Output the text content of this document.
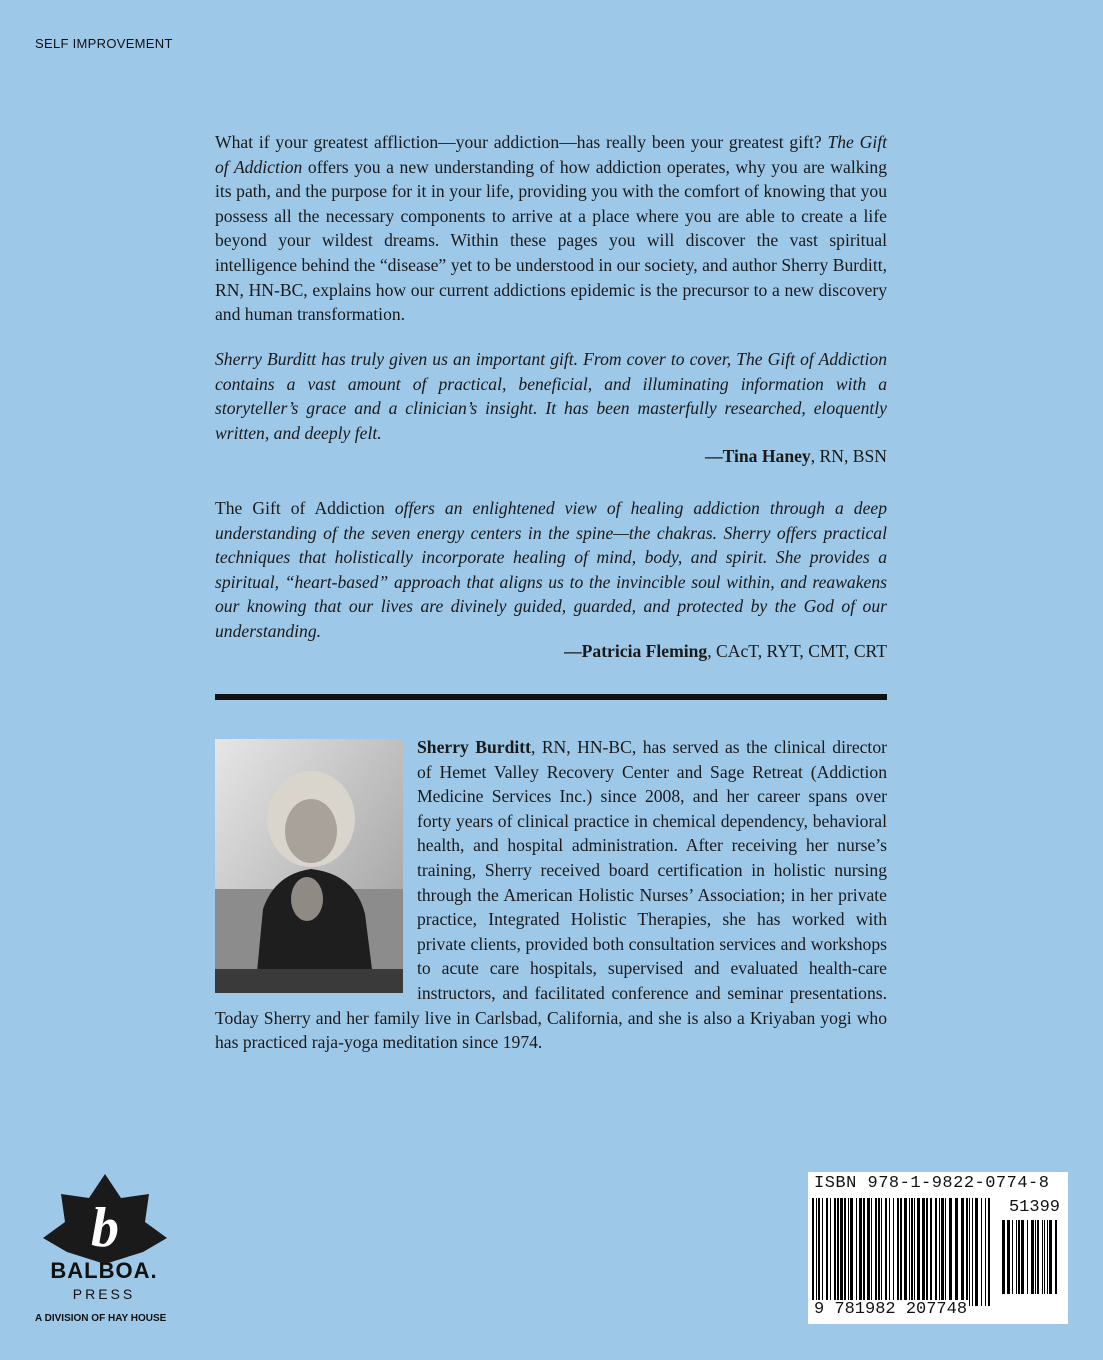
SELF IMPROVEMENT

What if your greatest affliction—your addiction—has really been your greatest gift? The Gift of Addiction offers you a new understanding of how addiction operates, why you are walking its path, and the purpose for it in your life, providing you with the comfort of knowing that you possess all the necessary components to arrive at a place where you are able to create a life beyond your wildest dreams. Within these pages you will discover the vast spiritual intelligence behind the “disease” yet to be understood in our society, and author Sherry Burditt, RN, HN-BC, explains how our current addictions epidemic is the precursor to a new discovery and human transformation.

Sherry Burditt has truly given us an important gift. From cover to cover, The Gift of Addiction contains a vast amount of practical, beneficial, and illuminating information with a storyteller’s grace and a clinician’s insight. It has been masterfully researched, eloquently written, and deeply felt.

—Tina Haney, RN, BSN

The Gift of Addiction offers an enlightened view of healing addiction through a deep understanding of the seven energy centers in the spine—the chakras. Sherry offers practical techniques that holistically incorporate healing of mind, body, and spirit. She provides a spiritual, “heart-based” approach that aligns us to the invincible soul within, and reawakens our knowing that our lives are divinely guided, guarded, and protected by the God of our understanding.

—Patricia Fleming, CAcT, RYT, CMT, CRT

Sherry Burditt, RN, HN-BC, has served as the clinical director of Hemet Valley Recovery Center and Sage Retreat (Addiction Medicine Services Inc.) since 2008, and her career spans over forty years of clinical practice in chemical dependency, behavioral health, and hospital administration. After receiving her nurse’s training, Sherry received board certification in holistic nursing through the American Holistic Nurses’ Association; in her private practice, Integrated Holistic Therapies, she has worked with private clients, provided both consultation services and workshops to acute care hospitals, supervised and evaluated health-care instructors, and facilitated conference and seminar presentations. Today Sherry and her family live in Carlsbad, California, and she is also a Kriyaban yogi who has practiced raja-yoga meditation since 1974.

b
BALBOA.
PRESS
A DIVISION OF HAY HOUSE
ISBN 978-1-9822-0774-8
51399
9 781982 207748
